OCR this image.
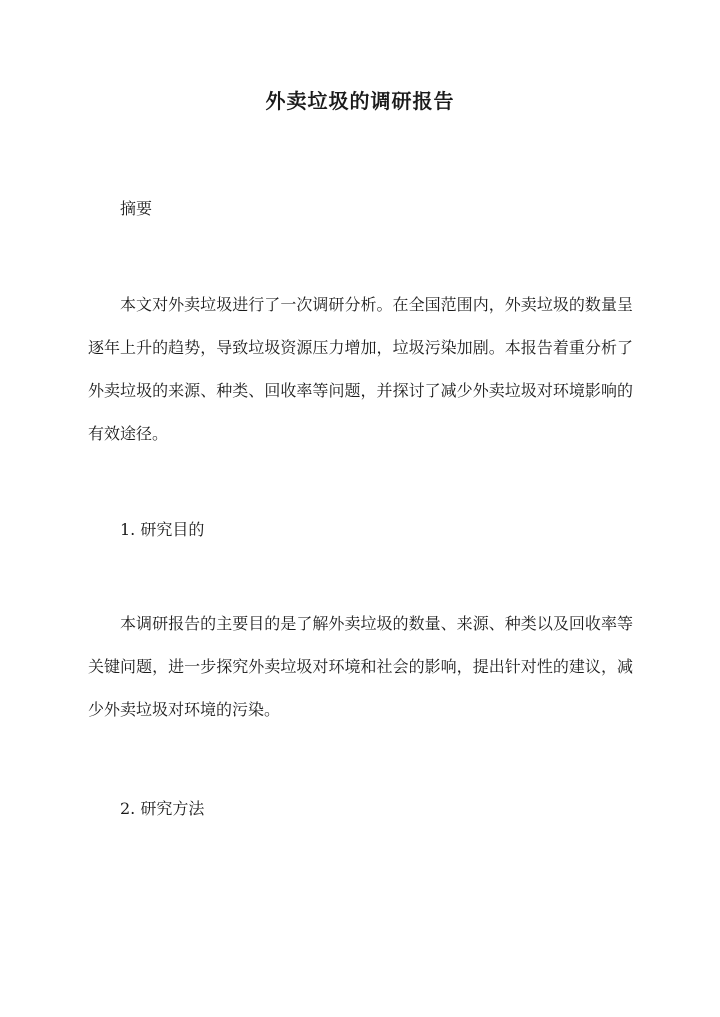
外卖垃圾的调研报告
摘要

本文对外卖垃圾进行了一次调研分析。在全国范围内，外卖垃圾的数量呈逐年上升的趋势，导致垃圾资源压力增加，垃圾污染加剧。本报告着重分析了外卖垃圾的来源、种类、回收率等问题，并探讨了减少外卖垃圾对环境影响的有效途径。

1. 研究目的

本调研报告的主要目的是了解外卖垃圾的数量、来源、种类以及回收率等关键问题，进一步探究外卖垃圾对环境和社会的影响，提出针对性的建议，减少外卖垃圾对环境的污染。

2. 研究方法
